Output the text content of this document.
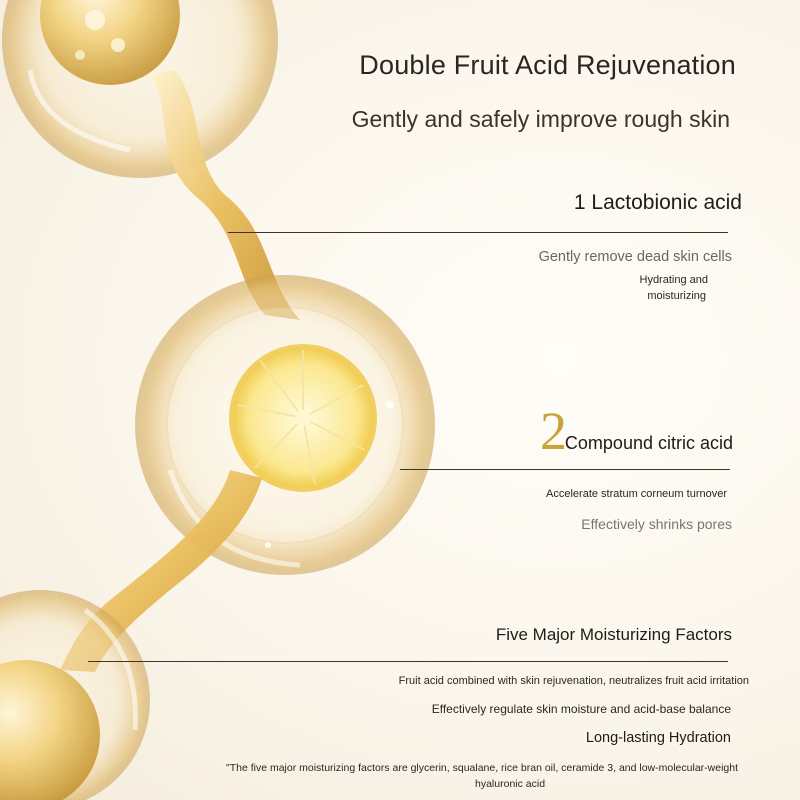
Double Fruit Acid Rejuvenation
Gently and safely improve rough skin
1 Lactobionic acid
Gently remove dead skin cells
Hydrating and
moisturizing
2
Compound citric acid
Accelerate stratum corneum turnover
Effectively shrinks pores
Five Major Moisturizing Factors
Fruit acid combined with skin rejuvenation, neutralizes fruit acid irritation
Effectively regulate skin moisture and acid-base balance
Long-lasting Hydration
"The five major moisturizing factors are glycerin, squalane, rice bran oil, ceramide 3, and low-molecular-weight
hyaluronic acid
